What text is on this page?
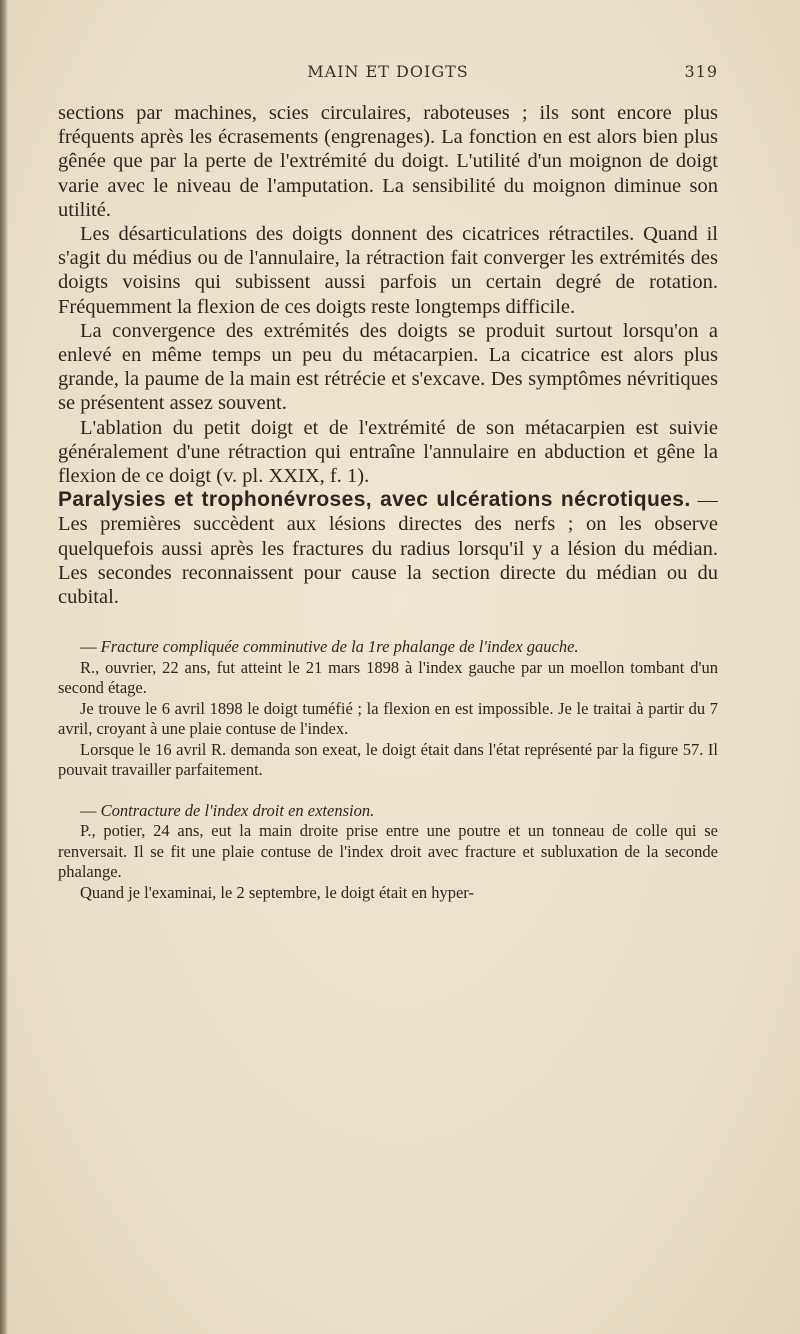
MAIN ET DOIGTS	319

sections par machines, scies circulaires, raboteuses ; ils sont encore plus fréquents après les écrasements (engrenages). La fonction en est alors bien plus gênée que par la perte de l'extrémité du doigt. L'utilité d'un moignon de doigt varie avec le niveau de l'amputation. La sensibilité du moignon diminue son utilité.

Les désarticulations des doigts donnent des cicatrices rétractiles. Quand il s'agit du médius ou de l'annulaire, la rétraction fait converger les extrémités des doigts voisins qui subissent aussi parfois un certain degré de rotation. Fréquemment la flexion de ces doigts reste longtemps difficile.

La convergence des extrémités des doigts se produit surtout lorsqu'on a enlevé en même temps un peu du métacarpien. La cicatrice est alors plus grande, la paume de la main est rétrécie et s'excave. Des symptômes névritiques se présentent assez souvent.

L'ablation du petit doigt et de l'extrémité de son métacarpien est suivie généralement d'une rétraction qui entraîne l'annulaire en abduction et gêne la flexion de ce doigt (v. pl. XXIX, f. 1).

Paralysies et trophonévroses, avec ulcérations nécrotiques. — Les premières succèdent aux lésions directes des nerfs ; on les observe quelquefois aussi après les fractures du radius lorsqu'il y a lésion du médian. Les secondes reconnaissent pour cause la section directe du médian ou du cubital.

— Fracture compliquée comminutive de la 1re phalange de l'index gauche.

R., ouvrier, 22 ans, fut atteint le 21 mars 1898 à l'index gauche par un moellon tombant d'un second étage.

Je trouve le 6 avril 1898 le doigt tuméfié ; la flexion en est impossible. Je le traitai à partir du 7 avril, croyant à une plaie contuse de l'index.

Lorsque le 16 avril R. demanda son exeat, le doigt était dans l'état représenté par la figure 57. Il pouvait travailler parfaitement.

— Contracture de l'index droit en extension.

P., potier, 24 ans, eut la main droite prise entre une poutre et un tonneau de colle qui se renversait. Il se fit une plaie contuse de l'index droit avec fracture et subluxation de la seconde phalange.

Quand je l'examinai, le 2 septembre, le doigt était en hyper-
